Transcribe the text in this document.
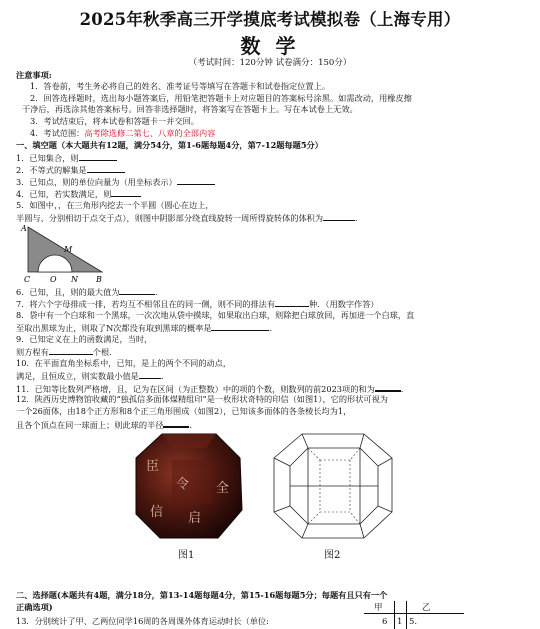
2025年秋季高三开学摸底考试模拟卷（上海专用）
数 学
（考试时间：120分钟 试卷满分：150分）
注意事项:
1．答卷前，考生务必将自己的姓名、准考证号等填写在答题卡和试卷指定位置上。
2．回答选择题时，选出每小题答案后，用铅笔把答题卡上对应题目的答案标号涂黑。如需改动，用橡皮擦
干净后，再选涂其他答案标号。回答非选择题时，将答案写在答题卡上。写在本试卷上无效。
3．考试结束后，将本试卷和答题卡一并交回。
4．考试范围：高考除选修二第七、八章的全部内容
一、填空题（本大题共有12题，满分54分，第1-6题每题4分，第7-12题每题5分）
1．已知集合，则
2．不等式的解集是
3．已知点，则的单位向量为（用坐标表示）
4．已知，若实数满足，则
5．如图中，，在三角形内挖去一个半圆（圆心在边上，
半圆与、分别相切于点交于点），则图中阴影部分绕直线旋转一周所得旋转体的体积为	.
A
M
C O N B
6．已知，且，则的最大值为	.
7．将六个字母排成一排，若均互不相邻且在的同一侧，则不同的排法有	种．（用数字作答）
8．袋中有一个白球和一个黑球，一次次地从袋中摸球，如果取出白球，则除把白球放回，再加进一个白球，直
至取出黑球为止，则取了N次都没有取到黑球的概率是	.
9．已知定义在上的函数满足，当时，
则方程有	个根.
10．在平面直角坐标系中，已知，是上的两个不同的动点，
满足，且恒成立，则实数最小值是	.
11．已知等比数列严格增，且，记为在区间（为正整数）中的项的个数，则数列的前2023项的和为	.
12．陕西历史博物馆收藏的“独孤信多面体煤精组印”是一枚形状奇特的印信（如图1），它的形状可视为
一个26面体，由18个正方形和8个正三角形围成（如图2），已知该多面体的各条棱长均为1，
且各个顶点在同一球面上；则此球的半径	.
臣
令
信 启
全
图1	图2
二、选择题(本题共有4题，满分18分，第13-14题每题4分，第15-16题每题5分；每题有且只有一个
正确选项)
13．分别统计了甲、乙两位同学16周的各周课外体育运动时长（单位:
甲	乙
6 1 5.
